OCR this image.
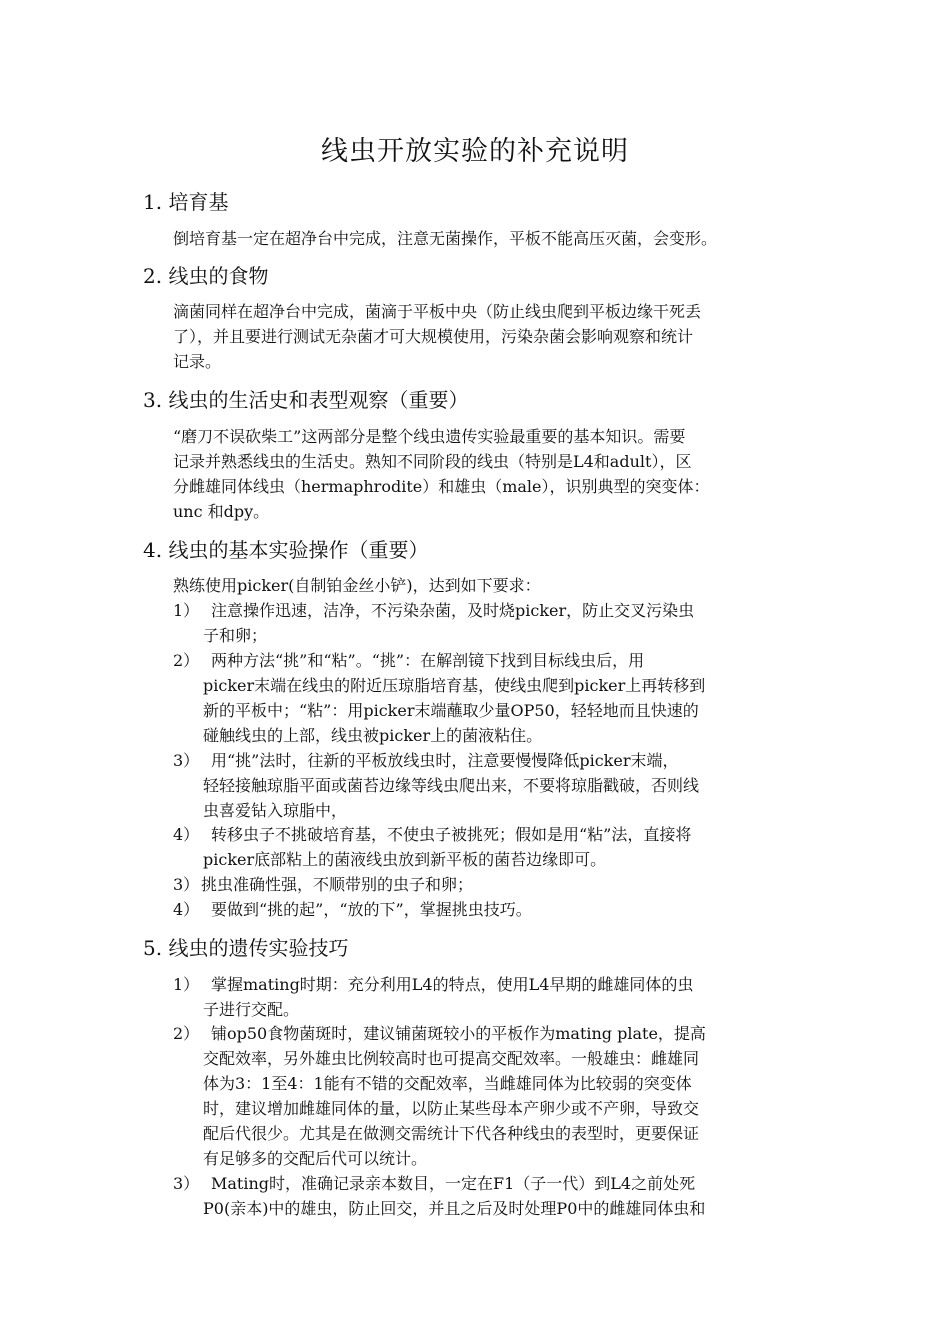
线虫开放实验的补充说明
1. 培育基
倒培育基一定在超净台中完成，注意无菌操作，平板不能高压灭菌，会变形。
2. 线虫的食物
滴菌同样在超净台中完成，菌滴于平板中央（防止线虫爬到平板边缘干死丢
了），并且要进行测试无杂菌才可大规模使用，污染杂菌会影响观察和统计
记录。
3. 线虫的生活史和表型观察（重要）
“磨刀不误砍柴工”这两部分是整个线虫遗传实验最重要的基本知识。需要
记录并熟悉线虫的生活史。熟知不同阶段的线虫（特别是L4和adult），区
分雌雄同体线虫（hermaphrodite）和雄虫（male），识别典型的突变体：
unc 和dpy。
4. 线虫的基本实验操作（重要）
熟练使用picker(自制铂金丝小铲)，达到如下要求：
1） 注意操作迅速，洁净，不污染杂菌，及时烧picker，防止交叉污染虫
子和卵；
2） 两种方法“挑”和“粘”。“挑”：在解剖镜下找到目标线虫后，用
picker末端在线虫的附近压琼脂培育基，使线虫爬到picker上再转移到
新的平板中；“粘”：用picker末端蘸取少量OP50，轻轻地而且快速的
碰触线虫的上部，线虫被picker上的菌液粘住。
3） 用“挑”法时，往新的平板放线虫时，注意要慢慢降低picker末端，
轻轻接触琼脂平面或菌苔边缘等线虫爬出来，不要将琼脂戳破，否则线
虫喜爱钻入琼脂中，
4） 转移虫子不挑破培育基，不使虫子被挑死；假如是用“粘”法，直接将
picker底部粘上的菌液线虫放到新平板的菌苔边缘即可。
3） 挑虫准确性强，不顺带别的虫子和卵；
4） 要做到“挑的起”，“放的下”，掌握挑虫技巧。
5. 线虫的遗传实验技巧
1） 掌握mating时期：充分利用L4的特点，使用L4早期的雌雄同体的虫
子进行交配。
2） 铺op50食物菌斑时，建议铺菌斑较小的平板作为mating plate，提高
交配效率，另外雄虫比例较高时也可提高交配效率。一般雄虫：雌雄同
体为3：1至4：1能有不错的交配效率，当雌雄同体为比较弱的突变体
时，建议增加雌雄同体的量，以防止某些母本产卵少或不产卵，导致交
配后代很少。尤其是在做测交需统计下代各种线虫的表型时，更要保证
有足够多的交配后代可以统计。
3） Mating时，准确记录亲本数目，一定在F1（子一代）到L4之前处死
P0(亲本)中的雄虫，防止回交，并且之后及时处理P0中的雌雄同体虫和
